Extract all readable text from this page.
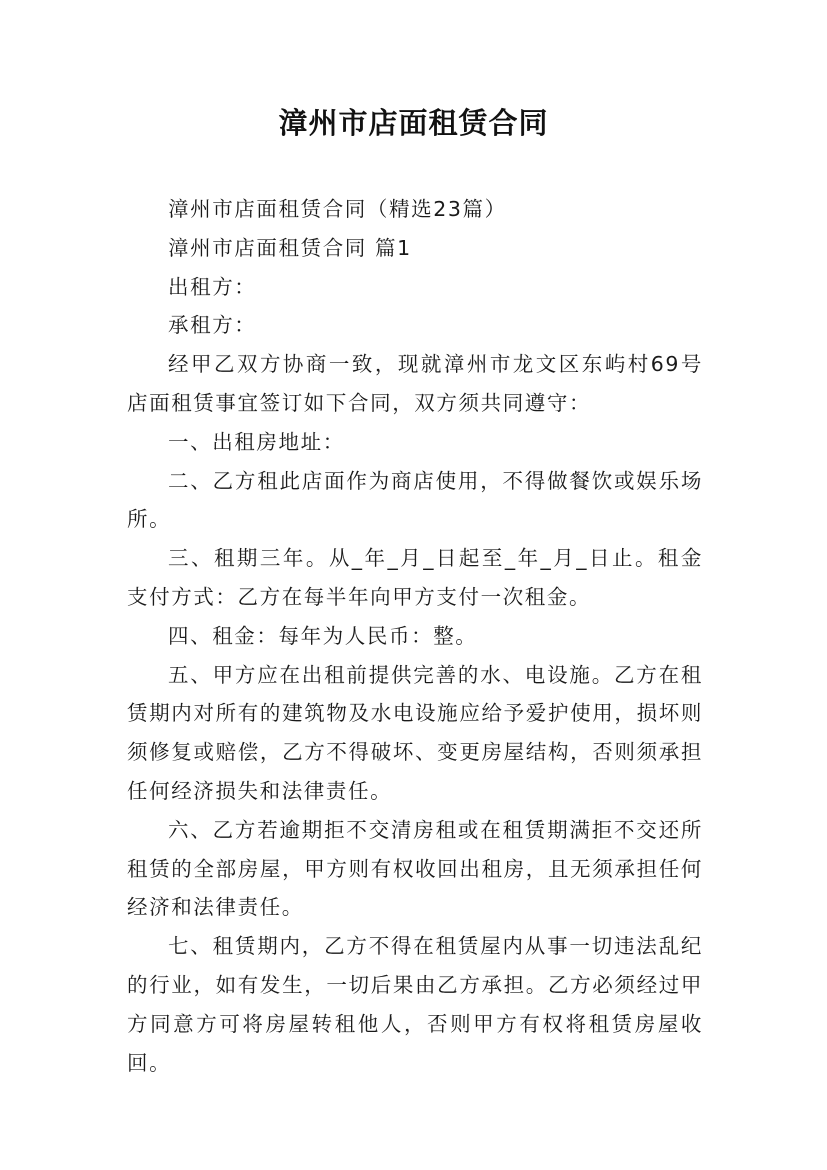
漳州市店面租赁合同

漳州市店面租赁合同（精选23篇）

漳州市店面租赁合同 篇1

出租方：

承租方：

经甲乙双方协商一致，现就漳州市龙文区东屿村69号店面租赁事宜签订如下合同，双方须共同遵守：

一、出租房地址：

二、乙方租此店面作为商店使用，不得做餐饮或娱乐场所。

三、租期三年。从_年_月_日起至_年_月_日止。租金支付方式：乙方在每半年向甲方支付一次租金。

四、租金：每年为人民币：整。

五、甲方应在出租前提供完善的水、电设施。乙方在租赁期内对所有的建筑物及水电设施应给予爱护使用，损坏则须修复或赔偿，乙方不得破坏、变更房屋结构，否则须承担任何经济损失和法律责任。

六、乙方若逾期拒不交清房租或在租赁期满拒不交还所租赁的全部房屋，甲方则有权收回出租房，且无须承担任何经济和法律责任。

七、租赁期内，乙方不得在租赁屋内从事一切违法乱纪的行业，如有发生，一切后果由乙方承担。乙方必须经过甲方同意方可将房屋转租他人，否则甲方有权将租赁房屋收回。
